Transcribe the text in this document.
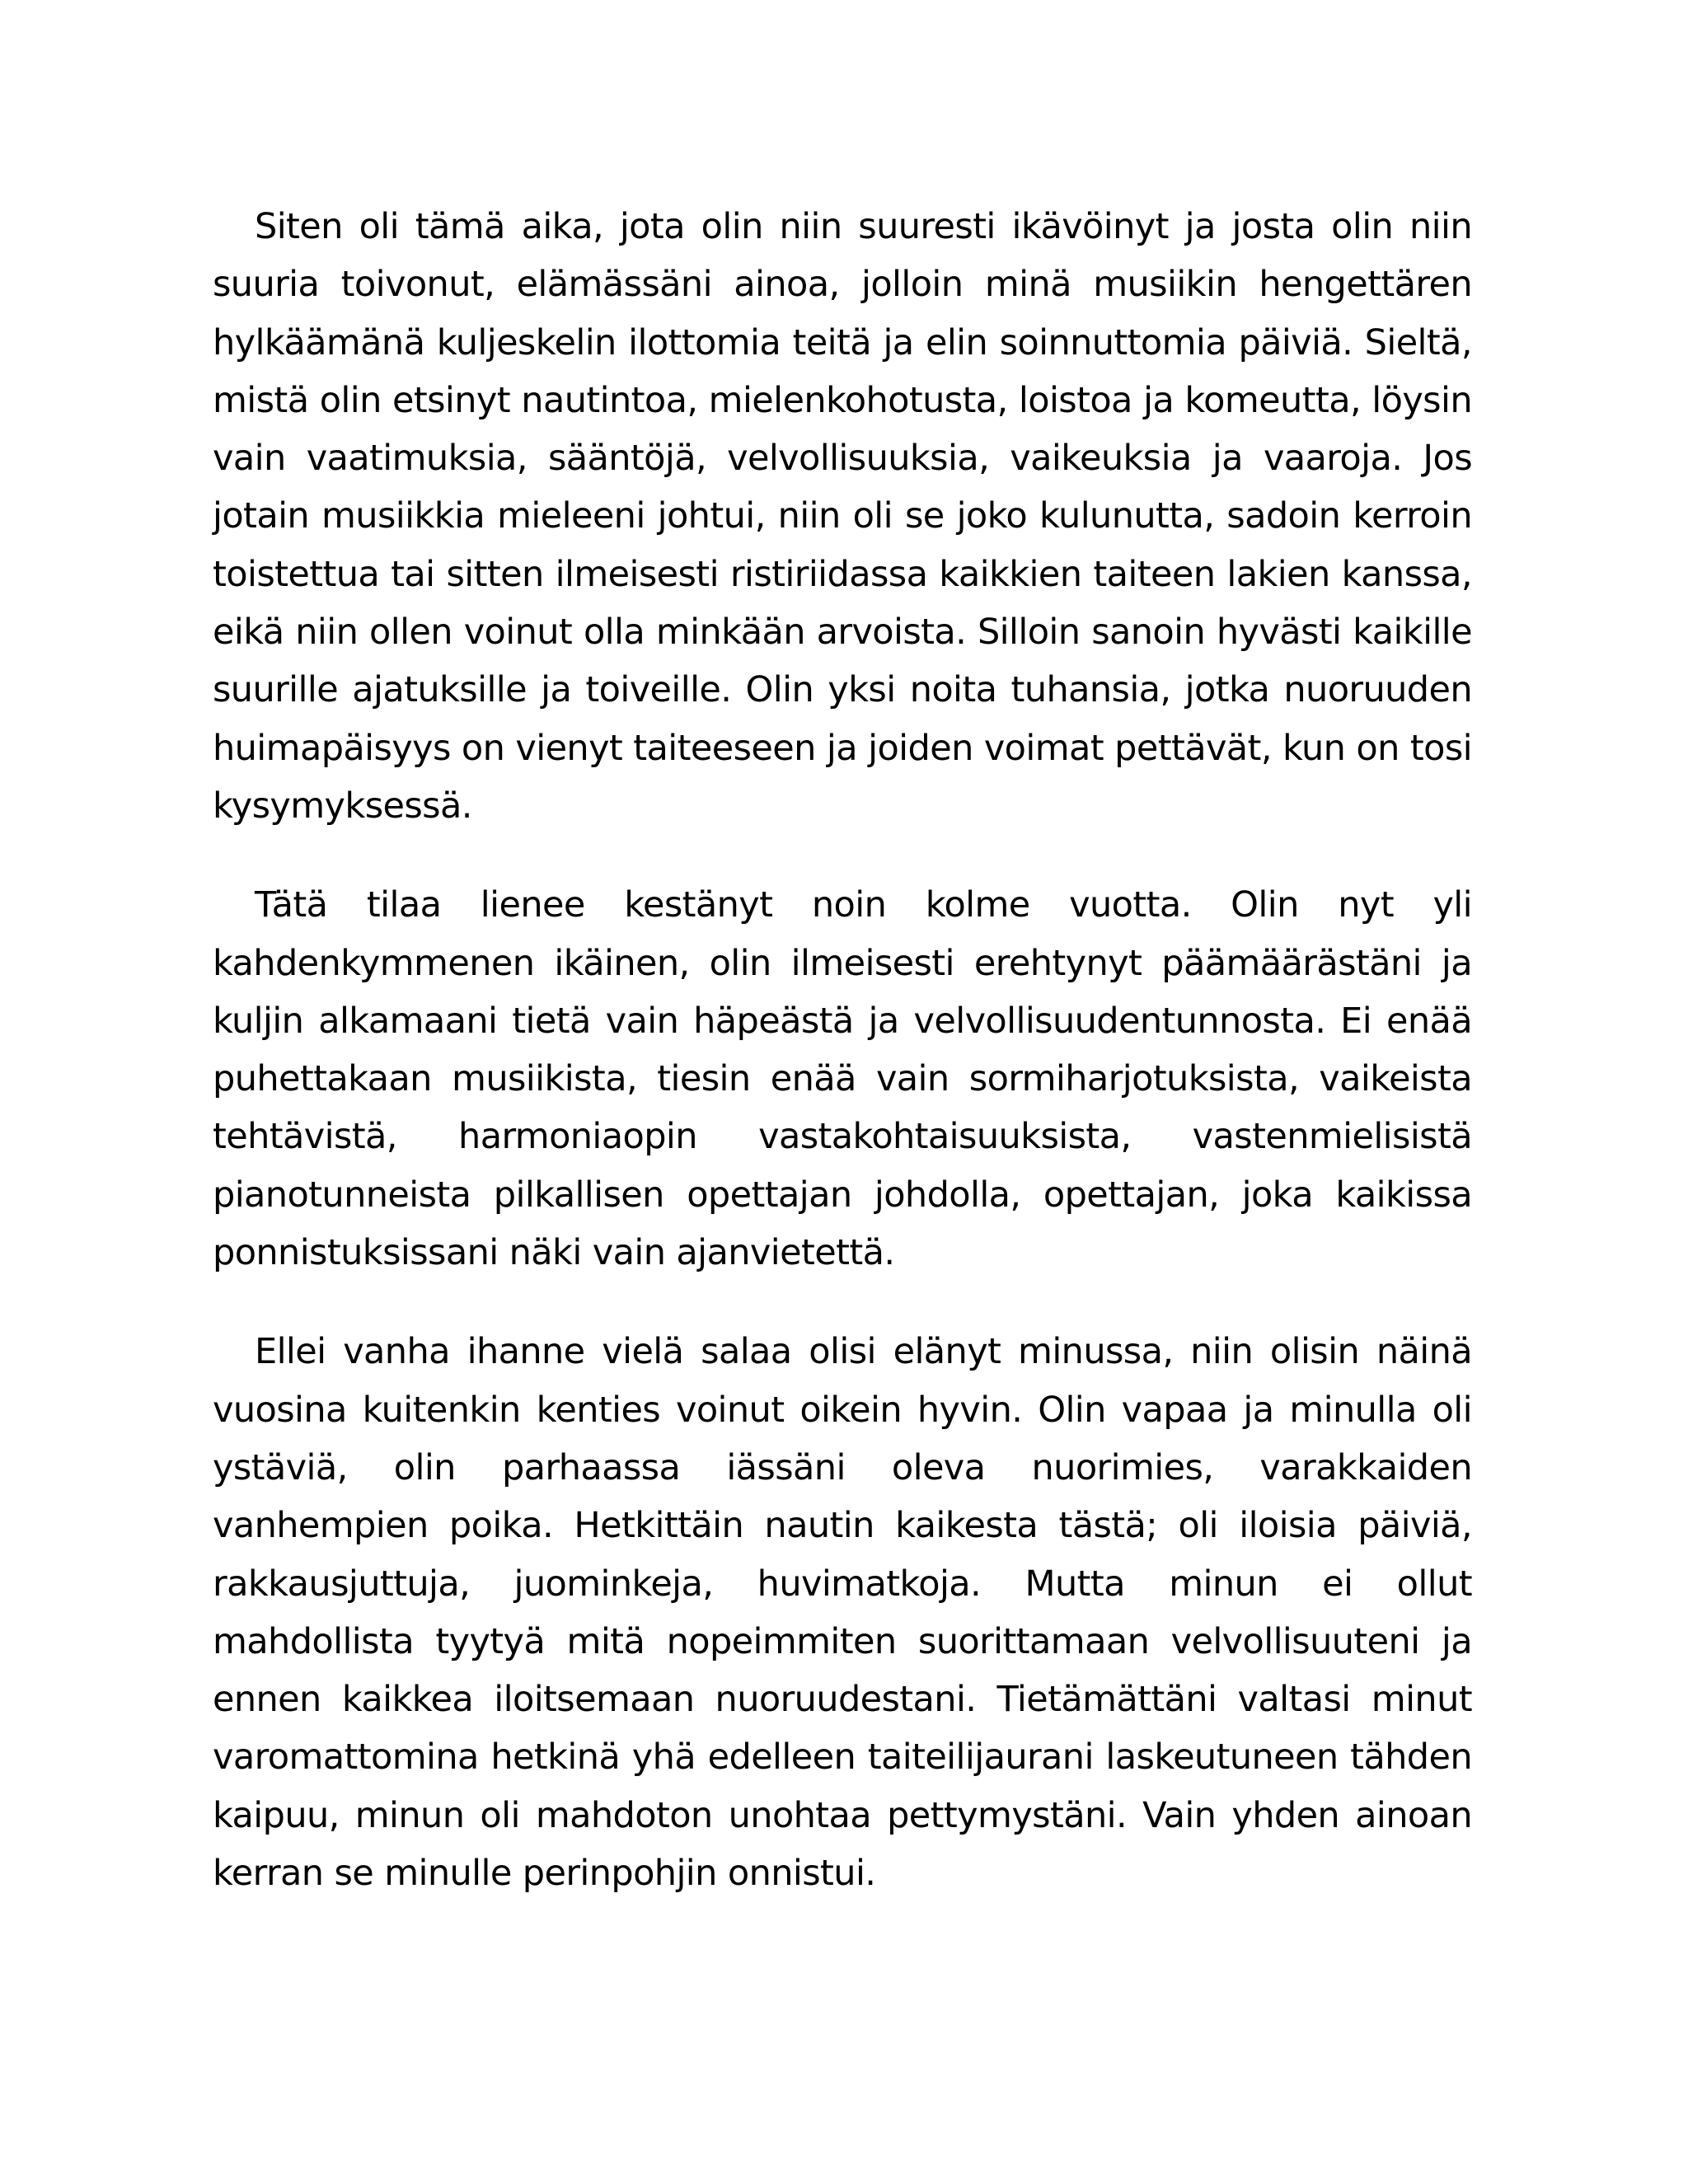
Siten oli tämä aika, jota olin niin suuresti ikävöinyt ja josta olin niin suuria toivonut, elämässäni ainoa, jolloin minä musiikin hengettären hylkäämänä kuljeskelin ilottomia teitä ja elin soinnuttomia päiviä. Sieltä, mistä olin etsinyt nautintoa, mielenkohotusta, loistoa ja komeutta, löysin vain vaatimuksia, sääntöjä, velvollisuuksia, vaikeuksia ja vaaroja. Jos jotain musiikkia mieleeni johtui, niin oli se joko kulunutta, sadoin kerroin toistettua tai sitten ilmeisesti ristiriidassa kaikkien taiteen lakien kanssa, eikä niin ollen voinut olla minkään arvoista. Silloin sanoin hyvästi kaikille suurille ajatuksille ja toiveille. Olin yksi noita tuhansia, jotka nuoruuden huimapäisyys on vienyt taiteeseen ja joiden voimat pettävät, kun on tosi kysymyksessä.

Tätä tilaa lienee kestänyt noin kolme vuotta. Olin nyt yli kahdenkymmenen ikäinen, olin ilmeisesti erehtynyt päämäärästäni ja kuljin alkamaani tietä vain häpeästä ja velvollisuudentunnosta. Ei enää puhettakaan musiikista, tiesin enää vain sormiharjotuksista, vaikeista tehtävistä, harmoniaopin vastakohtaisuuksista, vastenmielisistä pianotunneista pilkallisen opettajan johdolla, opettajan, joka kaikissa ponnistuksissani näki vain ajanvietettä.

Ellei vanha ihanne vielä salaa olisi elänyt minussa, niin olisin näinä vuosina kuitenkin kenties voinut oikein hyvin. Olin vapaa ja minulla oli ystäviä, olin parhaassa iässäni oleva nuorimies, varakkaiden vanhempien poika. Hetkittäin nautin kaikesta tästä; oli iloisia päiviä, rakkausjuttuja, juominkeja, huvimatkoja. Mutta minun ei ollut mahdollista tyytyä mitä nopeimmiten suorittamaan velvollisuuteni ja ennen kaikkea iloitsemaan nuoruudestani. Tietämättäni valtasi minut varomattomina hetkinä yhä edelleen taiteilijaurani laskeutuneen tähden kaipuu, minun oli mahdoton unohtaa pettymystäni. Vain yhden ainoan kerran se minulle perinpohjin onnistui.
